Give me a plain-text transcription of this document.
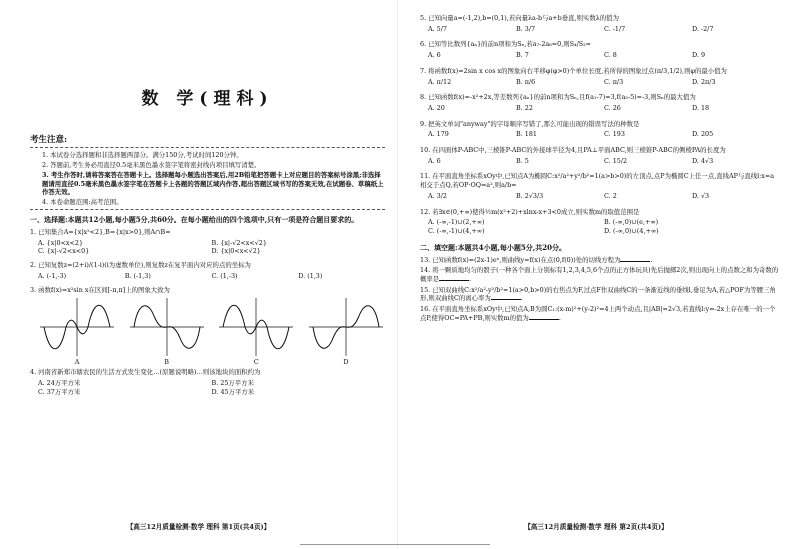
数 学(理科)
考生注意:

1. 本试卷分选择题和非选择题两部分。满分150分,考试时间120分钟。

2. 答题前,考生务必用直径0.5毫米黑色墨水签字笔将密封线内项目填写清楚。

3. 考生作答时,请将答案答在答题卡上。选择题每小题选出答案后,用2B铅笔把答题卡上对应题目的答案标号涂黑;非选择题请用直径0.5毫米黑色墨水签字笔在答题卡上各题的答题区域内作答,超出答题区域书写的答案无效,在试题卷、草稿纸上作答无效。

4. 本卷命题范围:高考范围。

一、选择题:本题共12小题,每小题5分,共60分。在每小题给出的四个选项中,只有一项是符合题目要求的。
1. 已知集合A={x|x²<2},B={x|x>0},则A∩B=
A. {x|0<x<2}	B. {x|-√2<x<√2}
C. {x|-√2<x<0}	D. {x|0<x<√2}
2. 已知复数z=(2+i)/(1-i)(i为虚数单位),则复数z在复平面内对应的点的坐标为
A. (-1,-3)	B. (-1,3)	C. (1,-3)	D. (1,3)
3. 函数f(x)=x²sin x在区间[-π,π]上的图象大致为
A	B	C	D
4. 河南省新郑市辖农民的生活方式发生变化…(原题说明略)…则该地块的面积约为
A. 24万平方米	B. 25万平方米
C. 37万平方米	D. 45万平方米
【高三12月质量检测·数学 理科 第1页(共4页)】
5. 已知向量a=(-1,2),b=(0,1),若向量λa-b与a+b垂直,则实数λ的值为
A. 5/7	B. 3/7	C. -1/7	D. -2/7
6. 已知等比数列{aₙ}的前n项和为Sₙ,若a₇-2a₆=0,则S₄/S₂=
A. 6	B. 7	C. 8	D. 9
7. 将函数f(x)=2sin x cos x的图象向右平移φ(φ>0)个单位长度,若所得的图象过点(π/3,1/2),则φ的最小值为
A. π/12	B. π/6	C. π/3	D. 2π/3
8. 已知函数f(x)=-x²+2x,等差数列{aₙ}的前n项和为Sₙ,且f(a₁-7)=3,f(a₅-5)=-3,则Sₙ的最大值为
A. 20	B. 22	C. 26	D. 18
9. 把英文单词"anyway"的字母顺序写错了,那么可能出现的错误写法的种数是
A. 179	B. 181	C. 193	D. 205
10. 在四面体P-ABC中,三棱锥P-ABC的外接球半径为4,且PA⊥平面ABC,则三棱锥P-ABC的侧棱PA的长度为
A. 6	B. 5	C. 15/2	D. 4√3
11. 在平面直角坐标系xOy中,已知点A为椭圆C:x²/a²+y²/b²=1(a>b>0)的左顶点,点P为椭圆C上任一点,直线AP与直线l:x=a相交于点Q,若OP·OQ=a²,则a/b=
A. 3/2	B. 2√3/3	C. 2	D. √3
12. 若∃x∈(0,+∞)使得½m(x²+2)+xlnx-x+3<0成立,则实数m的取值范围是
A. (-∞,-1)∪(2,+∞)	B. (-∞,0)∪(e,+∞)
C. (-∞,-1)∪(4,+∞)	D. (-∞,0)∪(4,+∞)
二、填空题:本题共4小题,每小题5分,共20分。
13. 已知函数f(x)=(2x-1)eˣ,则曲线y=f(x)在点(0,f(0))处的切线方程为	.
14. 将一颗质地均匀的骰子(一种各个面上分别标有1,2,3,4,5,6个点的正方体玩具)先后抛掷2次,则出现向上的点数之和为奇数的概率是	.
15. 已知双曲线C:x²/a²-y²/b²=1(a>0,b>0)的右焦点为F,过点F作双曲线C的一条渐近线的垂线l,垂足为A,若△POF为等腰三角形,则双曲线C的离心率为	.
16. 在平面直角坐标系xOy中,已知点A,B为圆C₁:(x-m)²+(y-2)²=4上两个动点,且|AB|=2√3,若直线l:y=-2x上存在唯一的一个点P,使得OC=PA+PB,则实数m的值为	.
【高三12月质量检测·数学 理科 第2页(共4页)】
